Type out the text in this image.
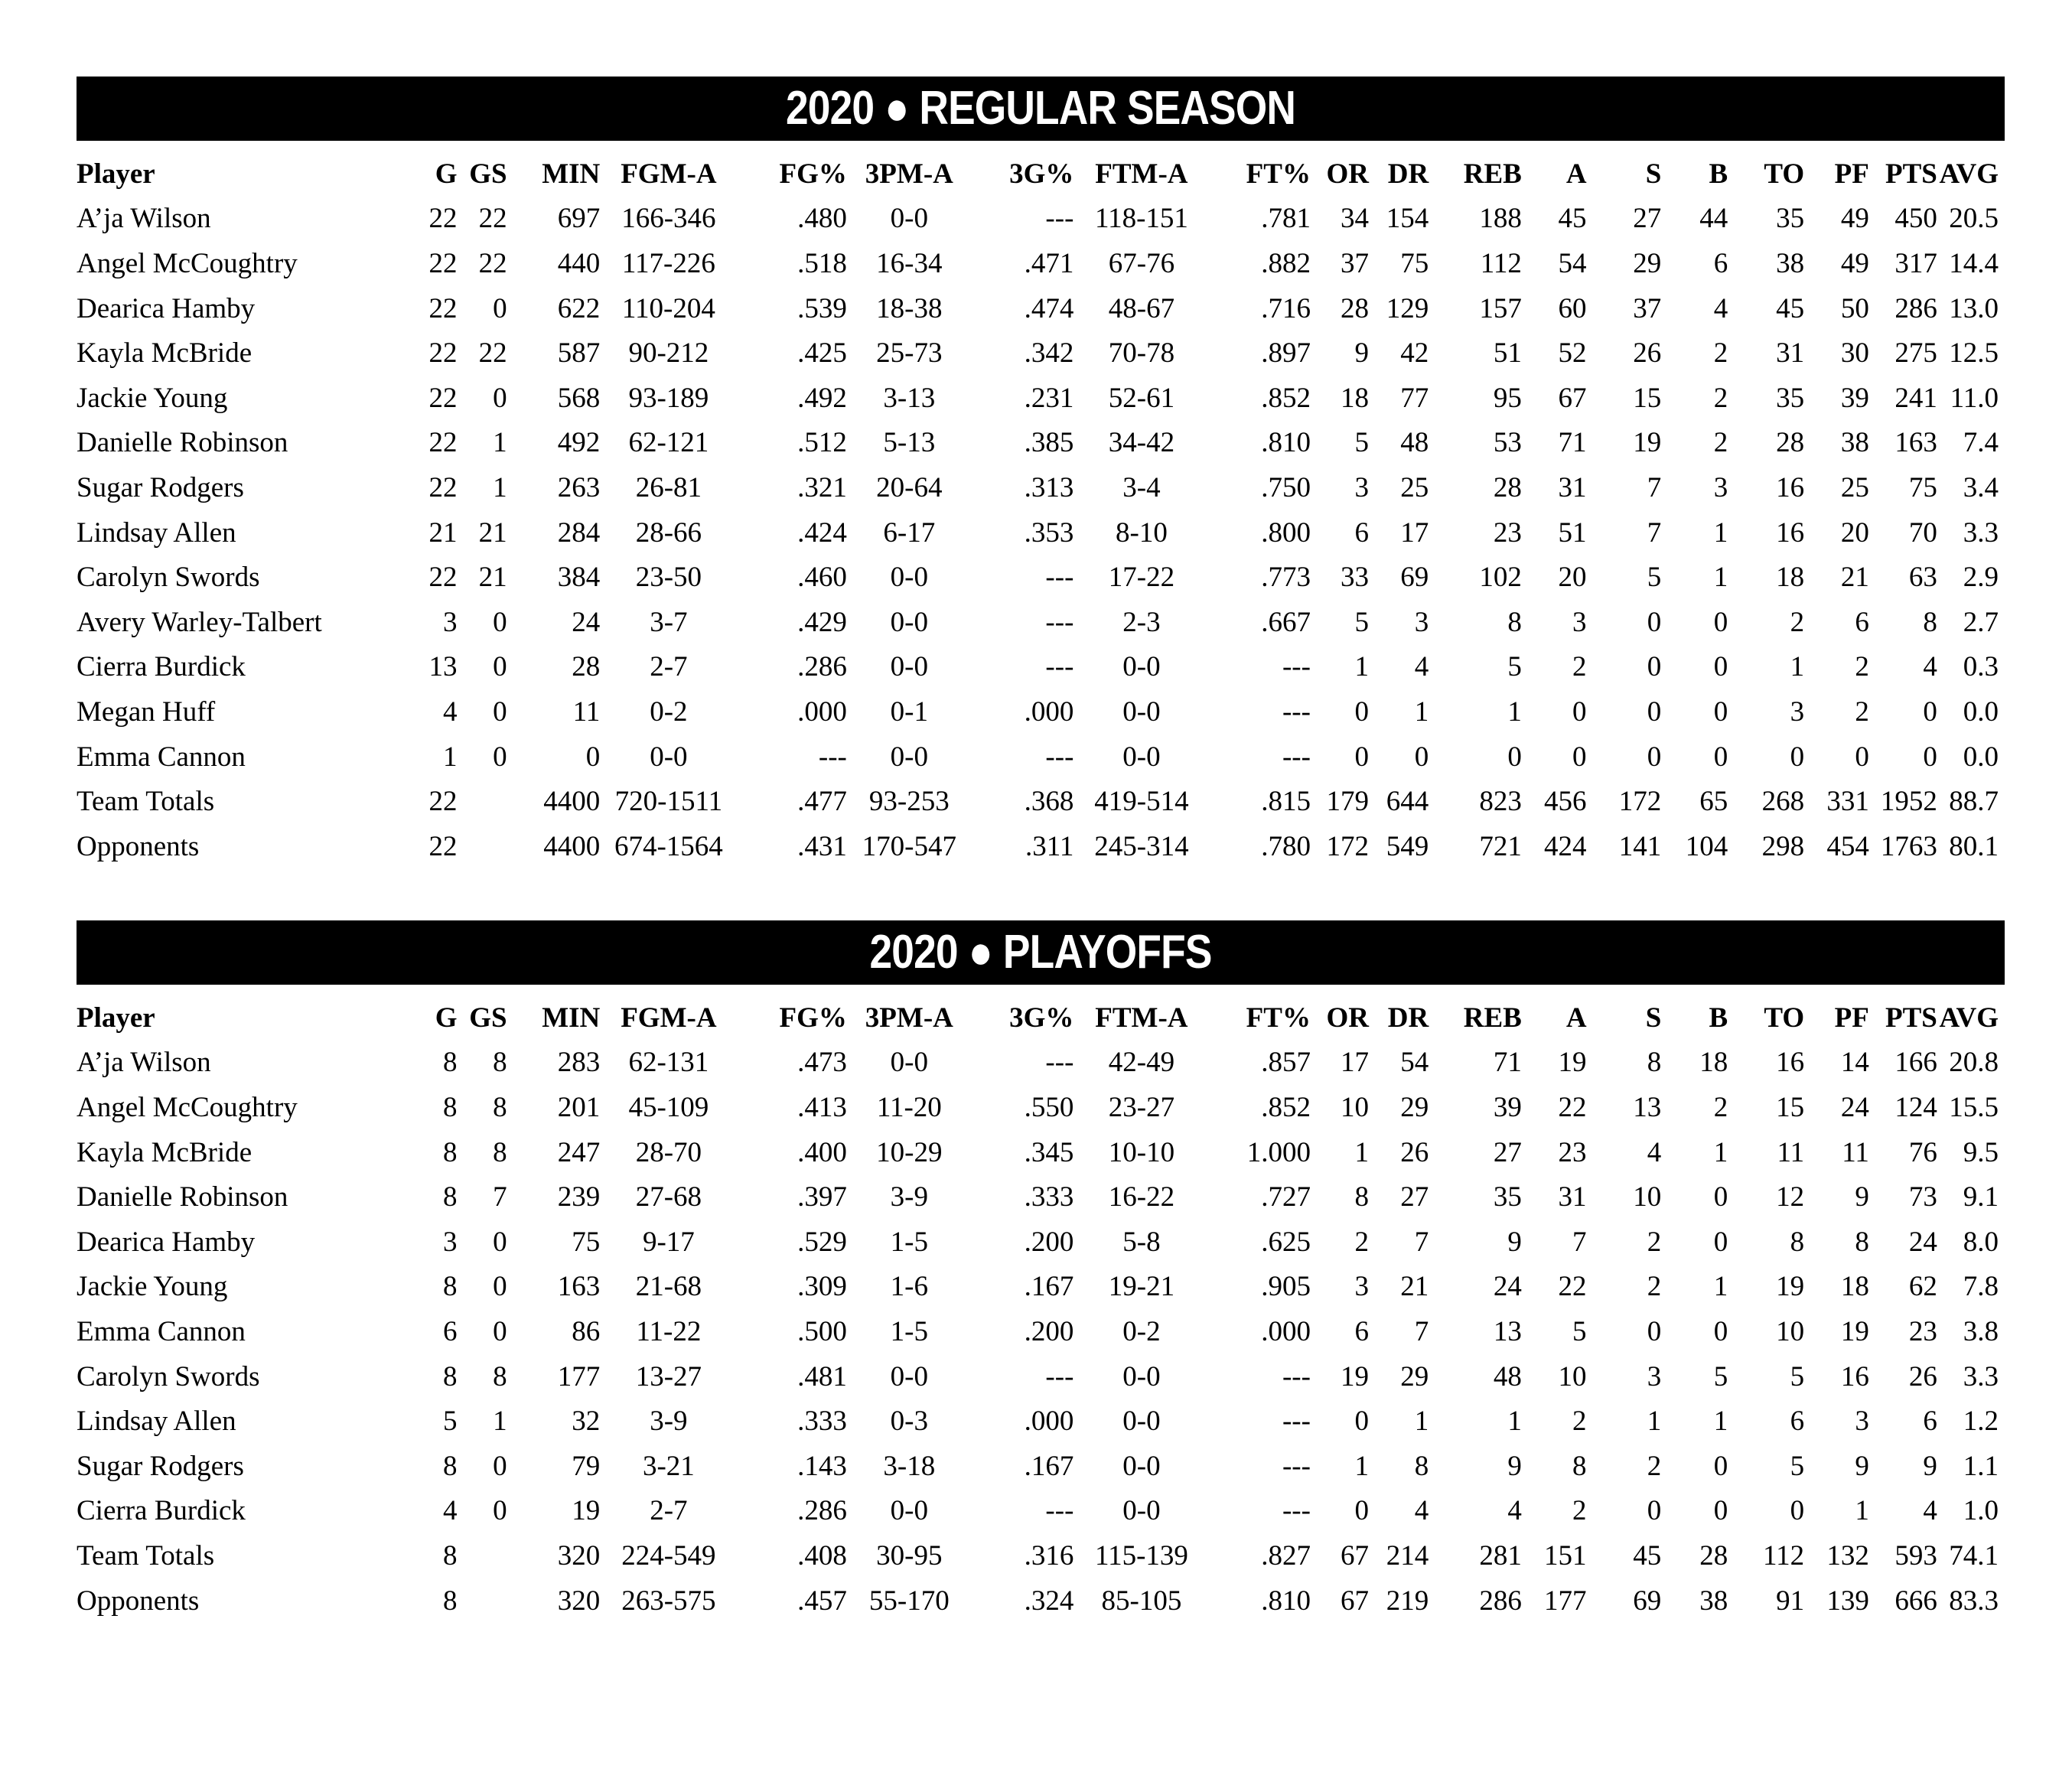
2020 ● REGULAR SEASON
Player	G	GS	MIN	FGM-A	FG%	3PM-A	3G%	FTM-A	FT%	OR	DR	REB	A	S	B	TO	PF	PTS	AVG
A’ja Wilson	22	22	697	166-346	.480	0-0	---	118-151	.781	34	154	188	45	27	44	35	49	450	20.5
Angel McCoughtry	22	22	440	117-226	.518	16-34	.471	67-76	.882	37	75	112	54	29	6	38	49	317	14.4
Dearica Hamby	22	0	622	110-204	.539	18-38	.474	48-67	.716	28	129	157	60	37	4	45	50	286	13.0
Kayla McBride	22	22	587	90-212	.425	25-73	.342	70-78	.897	9	42	51	52	26	2	31	30	275	12.5
Jackie Young	22	0	568	93-189	.492	3-13	.231	52-61	.852	18	77	95	67	15	2	35	39	241	11.0
Danielle Robinson	22	1	492	62-121	.512	5-13	.385	34-42	.810	5	48	53	71	19	2	28	38	163	7.4
Sugar Rodgers	22	1	263	26-81	.321	20-64	.313	3-4	.750	3	25	28	31	7	3	16	25	75	3.4
Lindsay Allen	21	21	284	28-66	.424	6-17	.353	8-10	.800	6	17	23	51	7	1	16	20	70	3.3
Carolyn Swords	22	21	384	23-50	.460	0-0	---	17-22	.773	33	69	102	20	5	1	18	21	63	2.9
Avery Warley-Talbert	3	0	24	3-7	.429	0-0	---	2-3	.667	5	3	8	3	0	0	2	6	8	2.7
Cierra Burdick	13	0	28	2-7	.286	0-0	---	0-0	---	1	4	5	2	0	0	1	2	4	0.3
Megan Huff	4	0	11	0-2	.000	0-1	.000	0-0	---	0	1	1	0	0	0	3	2	0	0.0
Emma Cannon	1	0	0	0-0	---	0-0	---	0-0	---	0	0	0	0	0	0	0	0	0	0.0
Team Totals	22		4400	720-1511	.477	93-253	.368	419-514	.815	179	644	823	456	172	65	268	331	1952	88.7
Opponents	22		4400	674-1564	.431	170-547	.311	245-314	.780	172	549	721	424	141	104	298	454	1763	80.1
2020 ● PLAYOFFS
Player	G	GS	MIN	FGM-A	FG%	3PM-A	3G%	FTM-A	FT%	OR	DR	REB	A	S	B	TO	PF	PTS	AVG
A’ja Wilson	8	8	283	62-131	.473	0-0	---	42-49	.857	17	54	71	19	8	18	16	14	166	20.8
Angel McCoughtry	8	8	201	45-109	.413	11-20	.550	23-27	.852	10	29	39	22	13	2	15	24	124	15.5
Kayla McBride	8	8	247	28-70	.400	10-29	.345	10-10	1.000	1	26	27	23	4	1	11	11	76	9.5
Danielle Robinson	8	7	239	27-68	.397	3-9	.333	16-22	.727	8	27	35	31	10	0	12	9	73	9.1
Dearica Hamby	3	0	75	9-17	.529	1-5	.200	5-8	.625	2	7	9	7	2	0	8	8	24	8.0
Jackie Young	8	0	163	21-68	.309	1-6	.167	19-21	.905	3	21	24	22	2	1	19	18	62	7.8
Emma Cannon	6	0	86	11-22	.500	1-5	.200	0-2	.000	6	7	13	5	0	0	10	19	23	3.8
Carolyn Swords	8	8	177	13-27	.481	0-0	---	0-0	---	19	29	48	10	3	5	5	16	26	3.3
Lindsay Allen	5	1	32	3-9	.333	0-3	.000	0-0	---	0	1	1	2	1	1	6	3	6	1.2
Sugar Rodgers	8	0	79	3-21	.143	3-18	.167	0-0	---	1	8	9	8	2	0	5	9	9	1.1
Cierra Burdick	4	0	19	2-7	.286	0-0	---	0-0	---	0	4	4	2	0	0	0	1	4	1.0
Team Totals	8		320	224-549	.408	30-95	.316	115-139	.827	67	214	281	151	45	28	112	132	593	74.1
Opponents	8		320	263-575	.457	55-170	.324	85-105	.810	67	219	286	177	69	38	91	139	666	83.3
